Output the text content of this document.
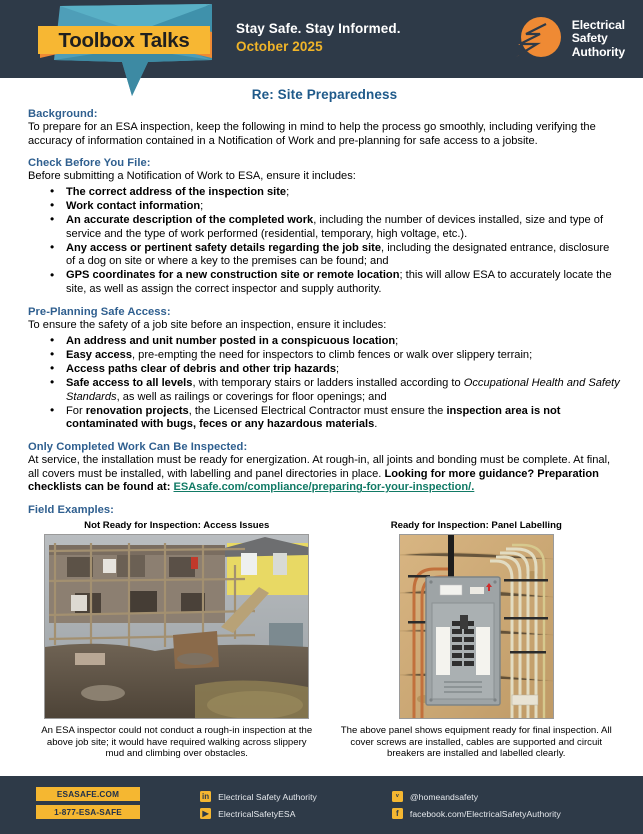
Toolbox Talks
Stay Safe. Stay Informed.
October 2025
Electrical
Safety
Authority
Re: Site Preparedness
Background:

To prepare for an ESA inspection, keep the following in mind to help the process go smoothly, including verifying the accuracy of information contained in a Notification of Work and pre-planning for safe access to a jobsite.

Check Before You File:

Before submitting a Notification of Work to ESA, ensure it includes:

• The correct address of the inspection site;
• Work contact information;
• An accurate description of the completed work, including the number of devices installed, size and type of service and the type of work performed (residential, temporary, high voltage, etc.).
• Any access or pertinent safety details regarding the job site, including the designated entrance, disclosure of a dog on site or where a key to the premises can be found; and
• GPS coordinates for a new construction site or remote location; this will allow ESA to accurately locate the site, as well as assign the correct inspector and supply authority.
Pre-Planning Safe Access:

To ensure the safety of a job site before an inspection, ensure it includes:

• An address and unit number posted in a conspicuous location;
• Easy access, pre-empting the need for inspectors to climb fences or walk over slippery terrain;
• Access paths clear of debris and other trip hazards;
• Safe access to all levels, with temporary stairs or ladders installed according to Occupational Health and Safety Standards, as well as railings or coverings for floor openings; and
• For renovation projects, the Licensed Electrical Contractor must ensure the inspection area is not contaminated with bugs, feces or any hazardous materials.
Only Completed Work Can Be Inspected:

At service, the installation must be ready for energization. At rough-in, all joints and bonding must be complete. At final, all covers must be installed, with labelling and panel directories in place. Looking for more guidance? Preparation checklists can be found at: ESAsafe.com/compliance/preparing-for-your-inspection/.

Field Examples:
Not Ready for Inspection: Access Issues
An ESA inspector could not conduct a rough-in inspection at the above job site; it would have required walking across slippery mud and climbing over obstacles.
Ready for Inspection: Panel Labelling
The above panel shows equipment ready for final inspection. All cover screws are installed, cables are supported and circuit breakers are installed and labelled clearly.
ESASAFE.COM
1-877-ESA-SAFE
in Electrical Safety Authority
▶ ElectricalSafetyESA
ᵛ	@homeandsafety
f	facebook.com/ElectricalSafetyAuthority
